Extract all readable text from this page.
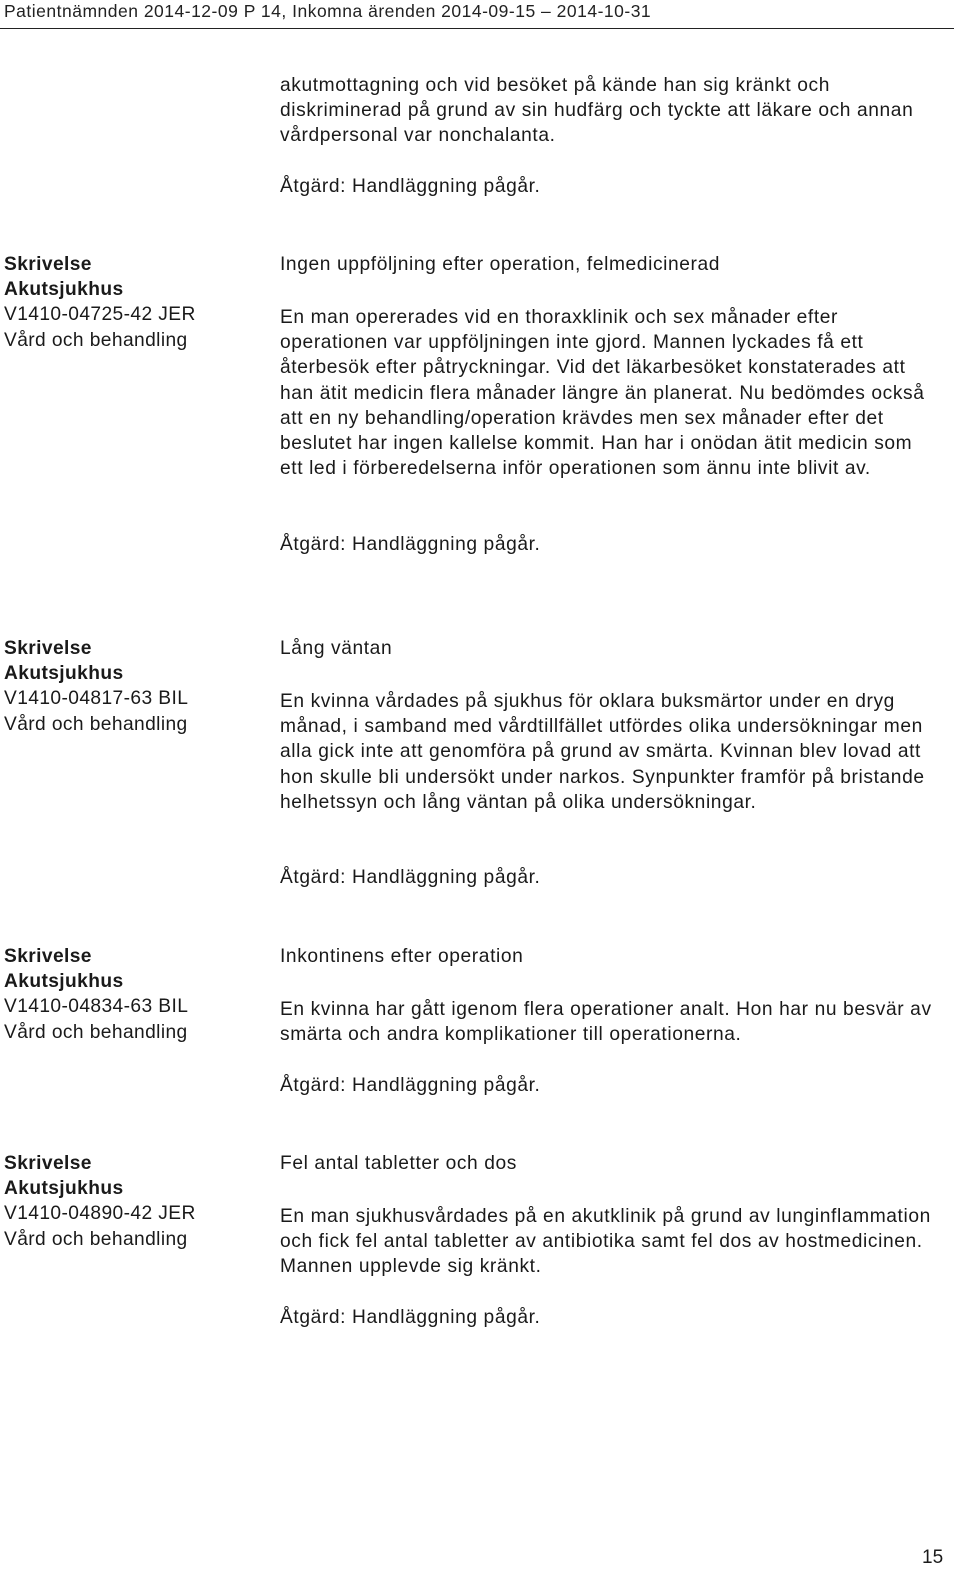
Patientnämnden 2014-12-09 P 14, Inkomna ärenden 2014-09-15 – 2014-10-31

akutmottagning och vid besöket på kände han sig kränkt och diskriminerad på grund av sin hudfärg och tyckte att läkare och annan vårdpersonal var nonchalanta.

Åtgärd: Handläggning pågår.
Skrivelse
Akutsjukhus
V1410-04725-42 JER
Vård och behandling
Ingen uppföljning efter operation, felmedicinerad

En man opererades vid en thoraxklinik och sex månader efter operationen var uppföljningen inte gjord. Mannen lyckades få ett återbesök efter påtryckningar. Vid det läkarbesöket konstaterades att han ätit medicin flera månader längre än planerat. Nu bedömdes också att en ny behandling/operation krävdes men sex månader efter det beslutet har ingen kallelse kommit. Han har i onödan ätit medicin som ett led i förberedelserna inför operationen som ännu inte blivit av.

Åtgärd: Handläggning pågår.
Skrivelse
Akutsjukhus
V1410-04817-63 BIL
Vård och behandling
Lång väntan

En kvinna vårdades på sjukhus för oklara buksmärtor under en dryg månad, i samband med vårdtillfället utfördes olika undersökningar men alla gick inte att genomföra på grund av smärta. Kvinnan blev lovad att hon skulle bli undersökt under narkos. Synpunkter framför på bristande helhetssyn och lång väntan på olika undersökningar.

Åtgärd: Handläggning pågår.
Skrivelse
Akutsjukhus
V1410-04834-63 BIL
Vård och behandling
Inkontinens efter operation

En kvinna har gått igenom flera operationer analt. Hon har nu besvär av smärta och andra komplikationer till operationerna.

Åtgärd: Handläggning pågår.
Skrivelse
Akutsjukhus
V1410-04890-42 JER
Vård och behandling
Fel antal tabletter och dos

En man sjukhusvårdades på en akutklinik på grund av lunginflammation och fick fel antal tabletter av antibiotika samt fel dos av hostmedicinen. Mannen upplevde sig kränkt.

Åtgärd: Handläggning pågår.
15
